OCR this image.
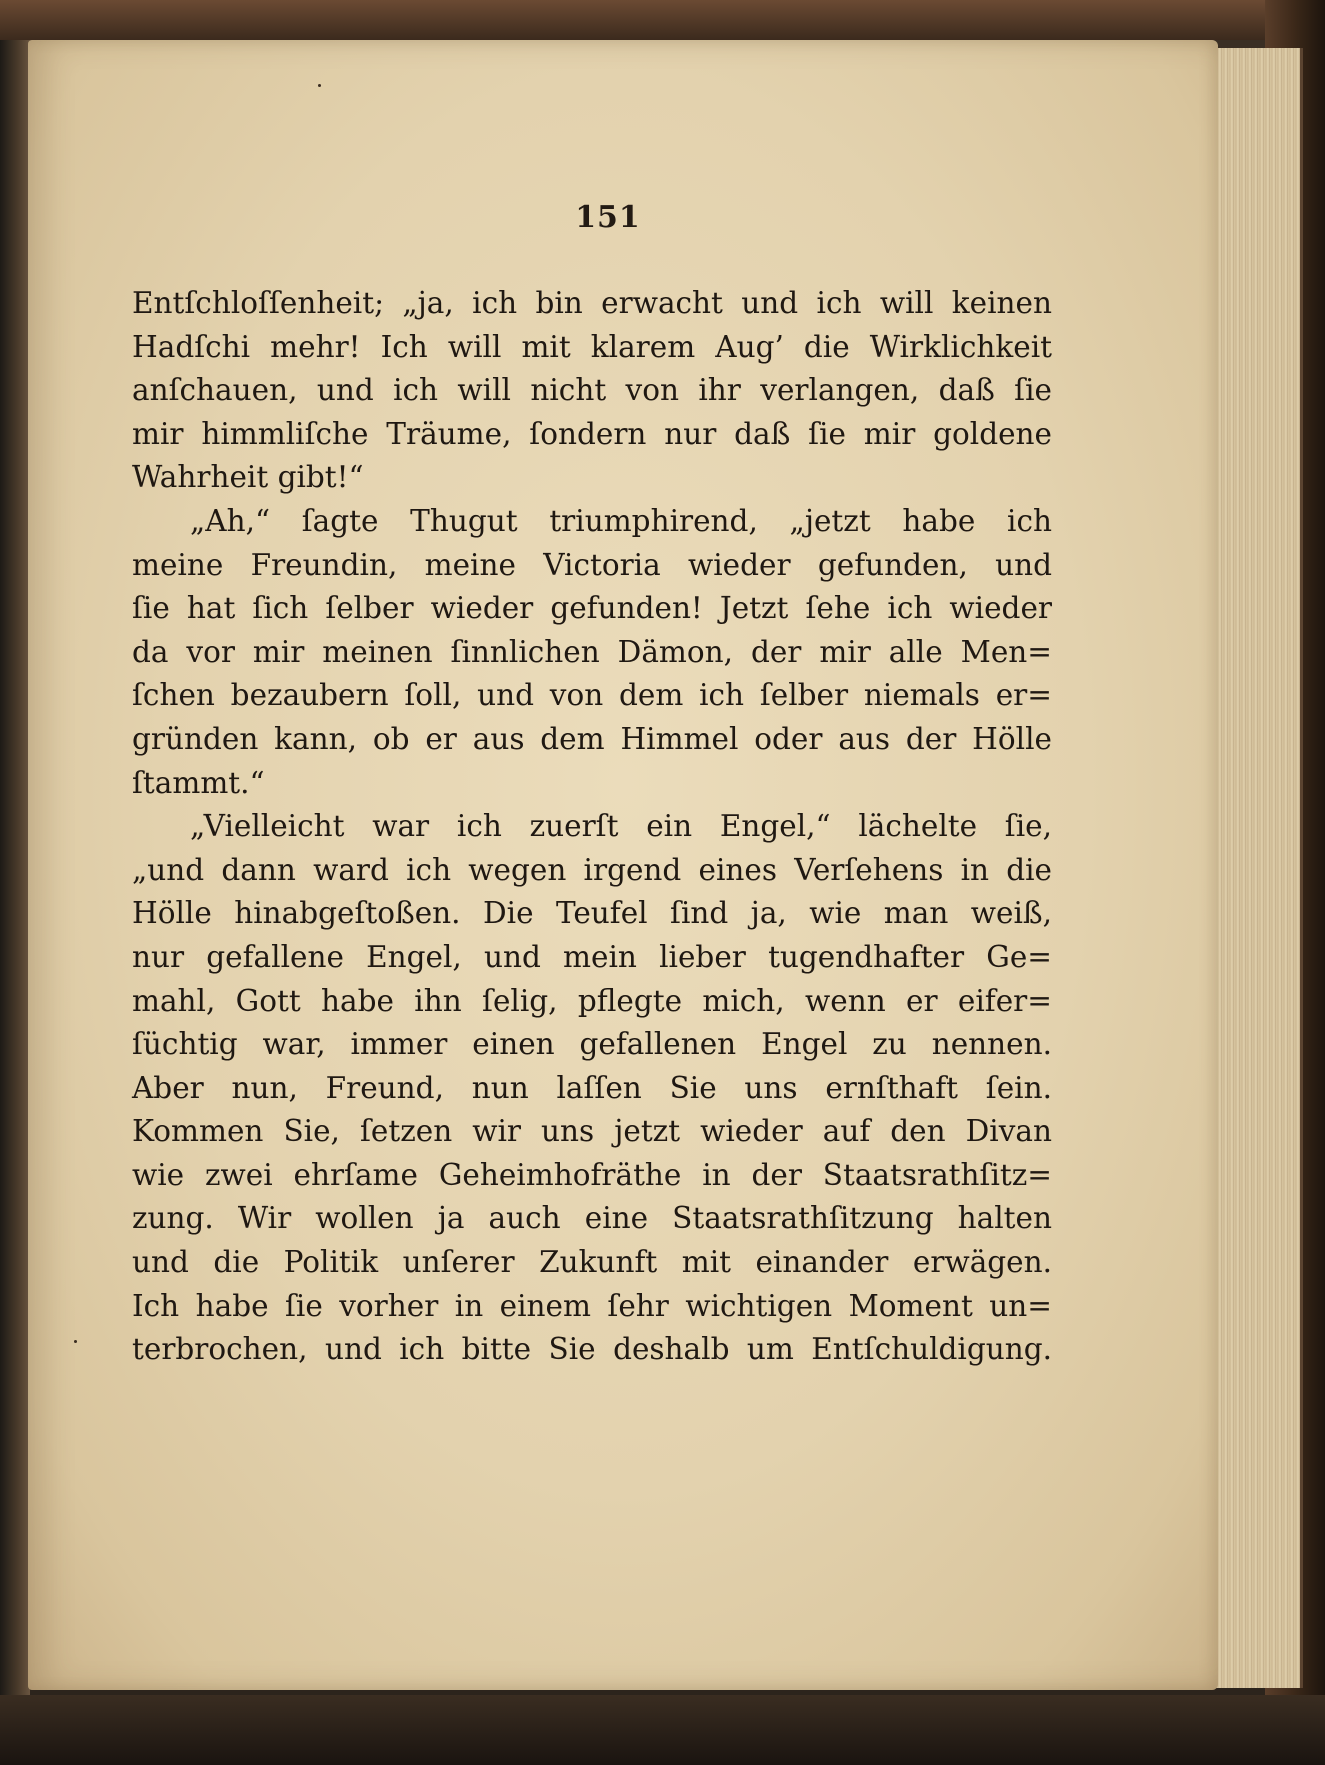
151
Entſchloſſenheit; „ja, ich bin erwacht und ich will keinen
Hadſchi mehr! Ich will mit klarem Aug’ die Wirklichkeit
anſchauen, und ich will nicht von ihr verlangen, daß ſie
mir himmliſche Träume, ſondern nur daß ſie mir goldene
Wahrheit gibt!“
„Ah,“ ſagte Thugut triumphirend, „jetzt habe ich
meine Freundin, meine Victoria wieder gefunden, und
ſie hat ſich ſelber wieder gefunden! Jetzt ſehe ich wieder
da vor mir meinen ſinnlichen Dämon, der mir alle Men=
ſchen bezaubern ſoll, und von dem ich ſelber niemals er=
gründen kann, ob er aus dem Himmel oder aus der Hölle
ſtammt.“
„Vielleicht war ich zuerſt ein Engel,“ lächelte ſie,
„und dann ward ich wegen irgend eines Verſehens in die
Hölle hinabgeſtoßen. Die Teufel ſind ja, wie man weiß,
nur gefallene Engel, und mein lieber tugendhafter Ge=
mahl, Gott habe ihn ſelig, pflegte mich, wenn er eifer=
ſüchtig war, immer einen gefallenen Engel zu nennen.
Aber nun, Freund, nun laſſen Sie uns ernſthaft ſein.
Kommen Sie, ſetzen wir uns jetzt wieder auf den Divan
wie zwei ehrſame Geheimhofräthe in der Staatsrathſitz=
zung. Wir wollen ja auch eine Staatsrathſitzung halten
und die Politik unſerer Zukunft mit einander erwägen.
Ich habe ſie vorher in einem ſehr wichtigen Moment un=
terbrochen, und ich bitte Sie deshalb um Entſchuldigung.
